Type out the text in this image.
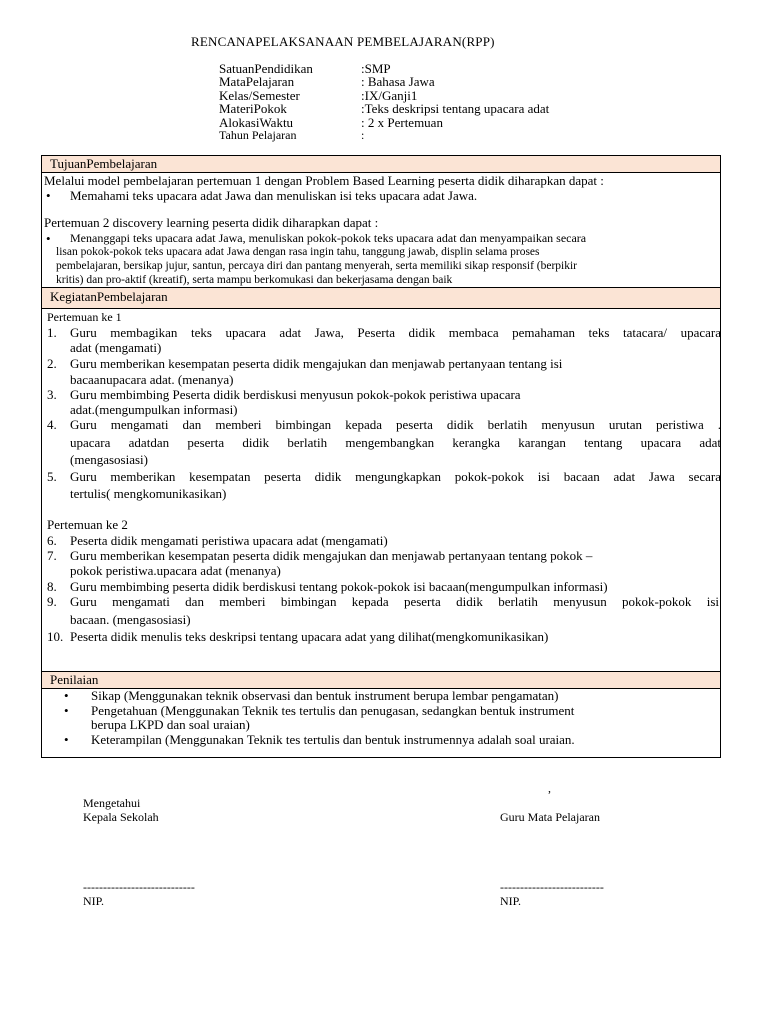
RENCANAPELAKSANAAN PEMBELAJARAN(RPP)
SatuanPendidikan	:SMP
MataPelajaran	: Bahasa Jawa
Kelas/Semester	:IX/Ganji1
MateriPokok	:Teks deskripsi tentang upacara adat
AlokasiWaktu	: 2 x Pertemuan
Tahun Pelajaran	:
TujuanPembelajaran
Melalui model pembelajaran pertemuan 1 dengan Problem Based Learning peserta didik diharapkan dapat :
• Memahami teks upacara adat Jawa dan menuliskan isi teks upacara adat Jawa.
Pertemuan 2 discovery learning peserta didik diharapkan dapat :
• Menanggapi teks upacara adat Jawa, menuliskan pokok-pokok teks upacara adat dan menyampaikan secara
lisan pokok-pokok teks upacara adat Jawa dengan rasa ingin tahu, tanggung jawab, displin selama proses
pembelajaran, bersikap jujur, santun, percaya diri dan pantang menyerah, serta memiliki sikap responsif (berpikir
kritis) dan pro-aktif (kreatif), serta mampu berkomukasi dan bekerjasama dengan baik
KegiatanPembelajaran
Pertemuan ke 1
1. Guru membagikan teks upacara adat Jawa, Peserta didik membaca pemahaman teks tatacara/ upacara
adat (mengamati)
2. Guru memberikan kesempatan peserta didik mengajukan dan menjawab pertanyaan tentang isi
bacaanupacara adat. (menanya)
3. Guru membimbing Peserta didik berdiskusi menyusun pokok-pokok peristiwa upacara
adat.(mengumpulkan informasi)
4. Guru mengamati dan memberi bimbingan kepada peserta didik berlatih menyusun urutan peristiwa .
upacara adatdan peserta didik berlatih mengembangkan kerangka karangan tentang upacara adat
(mengasosiasi)
5. Guru memberikan kesempatan peserta didik mengungkapkan pokok-pokok isi bacaan adat Jawa secara
tertulis( mengkomunikasikan)
Pertemuan ke 2
6. Peserta didik mengamati peristiwa upacara adat (mengamati)
7. Guru memberikan kesempatan peserta didik mengajukan dan menjawab pertanyaan tentang pokok –
pokok peristiwa.upacara adat (menanya)
8. Guru membimbing peserta didik berdiskusi tentang pokok-pokok isi bacaan(mengumpulkan informasi)
9. Guru mengamati dan memberi bimbingan kepada peserta didik berlatih menyusun pokok-pokok isi
bacaan. (mengasosiasi)
10. Peserta didik menulis teks deskripsi tentang upacara adat yang dilihat(mengkomunikasikan)
Penilaian
• Sikap (Menggunakan teknik observasi dan bentuk instrument berupa lembar pengamatan)
• Pengetahuan (Menggunakan Teknik tes tertulis dan penugasan, sedangkan bentuk instrument
berupa LKPD dan soal uraian)
• Keterampilan (Menggunakan Teknik tes tertulis dan bentuk instrumennya adalah soal uraian.
,
Mengetahui
Kepala Sekolah	Guru Mata Pelajaran
----------------------------	--------------------------
NIP.	NIP.
